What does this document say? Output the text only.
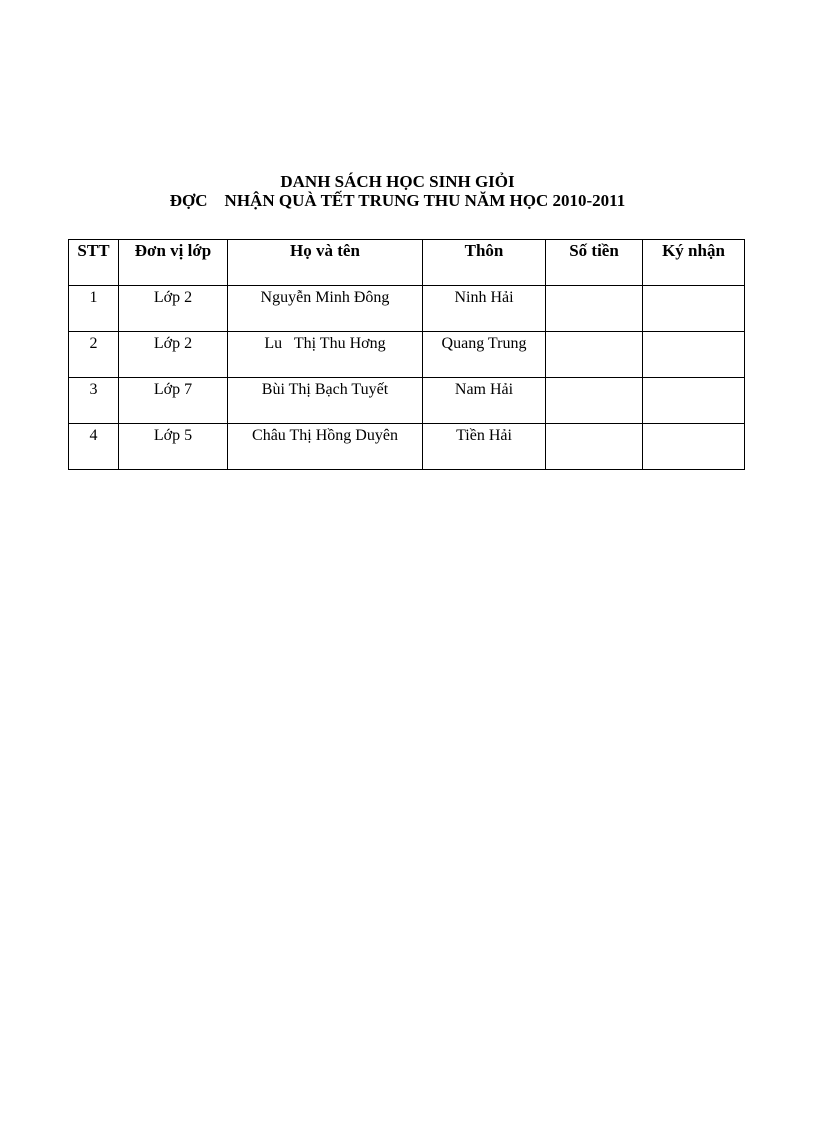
DANH SÁCH HỌC SINH GIỎI
ĐỢC    NHẬN QUÀ TẾT TRUNG THU NĂM HỌC 2010-2011
STT	Đơn vị lớp	Họ và tên	Thôn	Số tiền	Ký nhận
1	Lớp 2	Nguyễn Minh Đông	Ninh Hải		
2	Lớp 2	Lu   Thị Thu Hơng	Quang Trung		
3	Lớp 7	Bùi Thị Bạch Tuyết	Nam Hải		
4	Lớp 5	Châu Thị Hồng Duyên	Tiền Hải		
